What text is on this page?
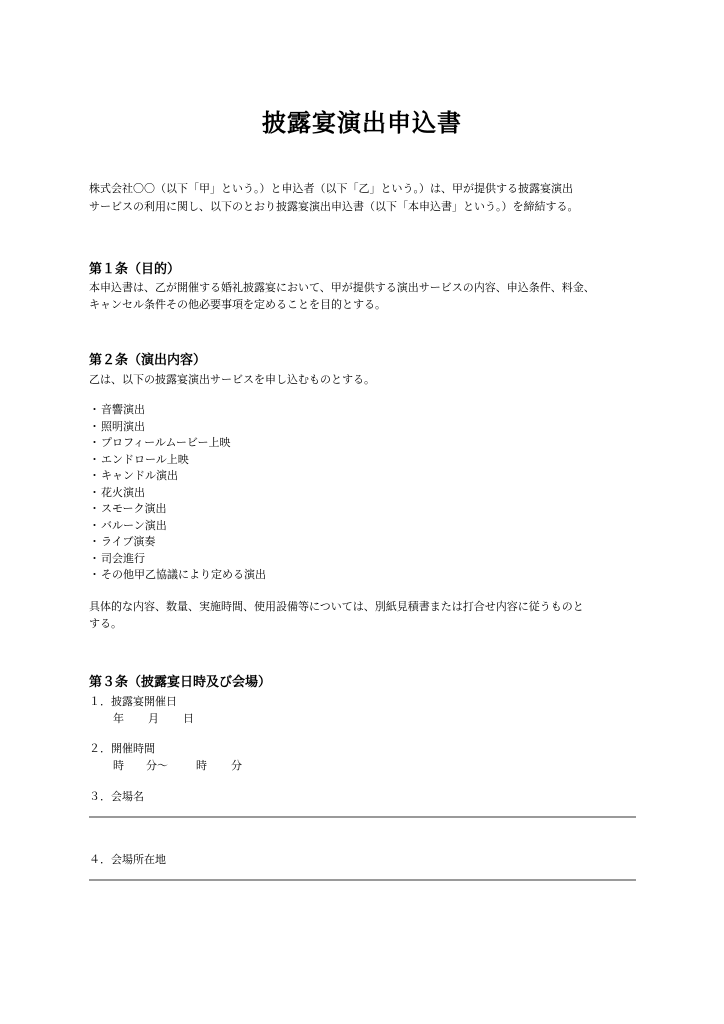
披露宴演出申込書

株式会社〇〇（以下「甲」という。）と申込者（以下「乙」という。）は、甲が提供する披露宴演出

サービスの利用に関し、以下のとおり披露宴演出申込書（以下「本申込書」という。）を締結する。

第１条（目的）

本申込書は、乙が開催する婚礼披露宴において、甲が提供する演出サービスの内容、申込条件、料金、

キャンセル条件その他必要事項を定めることを目的とする。

第２条（演出内容）
乙は、以下の披露宴演出サービスを申し込むものとする。
・音響演出
・照明演出
・プロフィールムービー上映
・エンドロール上映
・キャンドル演出
・花火演出
・スモーク演出
・バルーン演出
・ライブ演奏
・司会進行
・その他甲乙協議により定める演出

具体的な内容、数量、実施時間、使用設備等については、別紙見積書または打合せ内容に従うものと

する。

第３条（披露宴日時及び会場）
１．披露宴開催日
年 月 日
２．開催時間
時 分～	時 分
３．会場名
４．会場所在地
